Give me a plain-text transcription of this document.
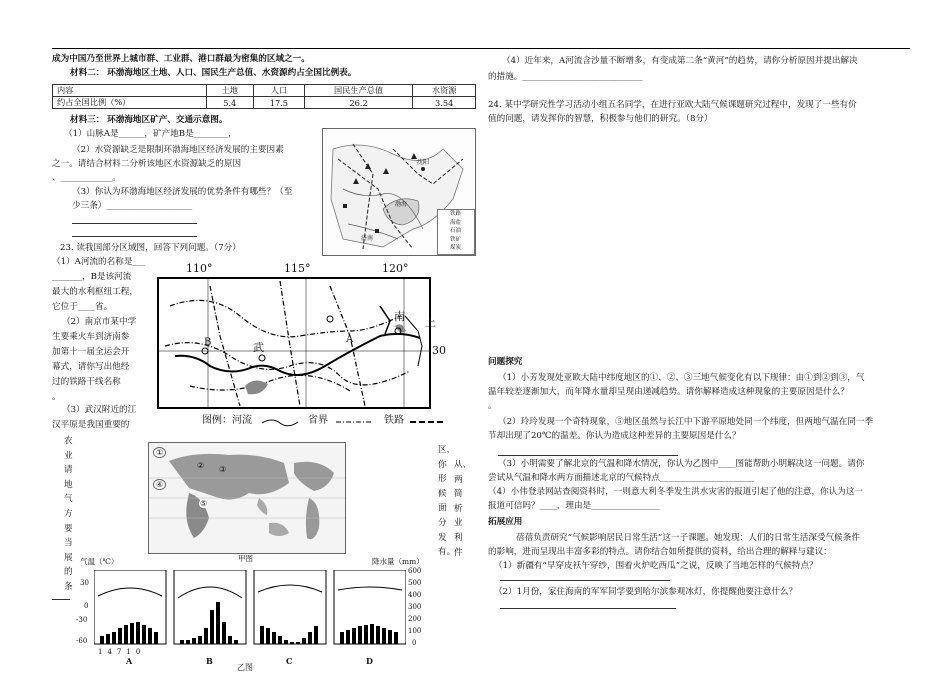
成为中国乃至世界上城市群、工业群、港口群最为密集的区域之一。
材料二： 环渤海地区土地、人口、国民生产总值、水资源约占全国比例表。
内容	土地	人口	国民生产总值	水资源
约占全国比例（%）	5.4	17.5	26.2	3.54
材料三： 环渤海地区矿产、交通示意图。
（1）山脉A是______，矿产地B是________，
（2）水资源缺乏是限制环渤海地区经济发展的主要因素
之一。请结合材料二分析该地区水资源缺乏的原因
、____________。
（3）你认为环渤海地区经济发展的优势条件有哪些？（至
少三条）____________________
沈阳
渤海
济南
铁路
海盐
石油
铁矿
煤炭
23. 读我国部分区域图，回答下列问题。（7分）
（1）A河流的名称是___
_______，B是该河流
最大的水利枢纽工程，
它位于____省。
（2）南京市某中学
生要乘火车到济南参
加第十一届全运会开
幕式，请你写出他经
过的铁路干线名称
。
（3）武汉附近的江
汉平原是我国重要的
农业请地气方要当展的条
区，你形候面分发有。
从、两简析业利件
110°	115°	120°
B	武
A
南 上
30
图例：河流	省界	铁路
①
④
⑤
② ③
甲图
气温（℃）	降水量（mm）
30
0
-30
-60
600
500
400
300
200
100
0
14710
A	B	C	D
乙图
（4）近年来，A河流含沙量不断增多，有变成第二条“黄河”的趋势，请你分析原因并提出解决
的措施。____________________________
24. 某中学研究性学习活动小组五名同学，在进行亚欧大陆气候课题研究过程中，发现了一些有价
值的问题，请发挥你的智慧，积极参与他们的研究。（8分）
问题探究
（1）小芳发现处亚欧大陆中纬度地区的①、②、③三地气候变化有以下规律：由①到②到③，气
温年较差逐渐加大，而年降水量却呈现由递减趋势。请你解释造成这种现象的主要原因是什么？
。
（2）玲玲发现一个奇特现象，⑤地区虽然与长江中下游平原地处同一个纬度，但两地气温在同一季
节却出现了20℃的温差。你认为造成这种差异的主要原因是什么？
（3）小明需要了解北京的气温和降水情况，你认为乙图中____图能帮助小明解决这一问题。请你
尝试从气温和降水两方面描述北京的气候特点______________________
（4）小伟登录网站查阅资料时，一则意大利冬季发生洪水灾害的报道引起了他的注意，你认为这一
报道可信吗？____，理由是________________
拓展应用
蓓蓓负责研究“气候影响居民日常生活”这一子课题。她发现：人们的日常生活深受气候条件
的影响，进而呈现出丰富多彩的特点。请你结合如所提供的资料，给出合理的解释与建议：
（1）新疆有“早穿皮袄午穿纱，围着火炉吃西瓜”之说，反映了当地怎样的气候特点？
（2）1月份，家住海南的军军同学要到哈尔滨参观冰灯，你提醒他要注意什么？
